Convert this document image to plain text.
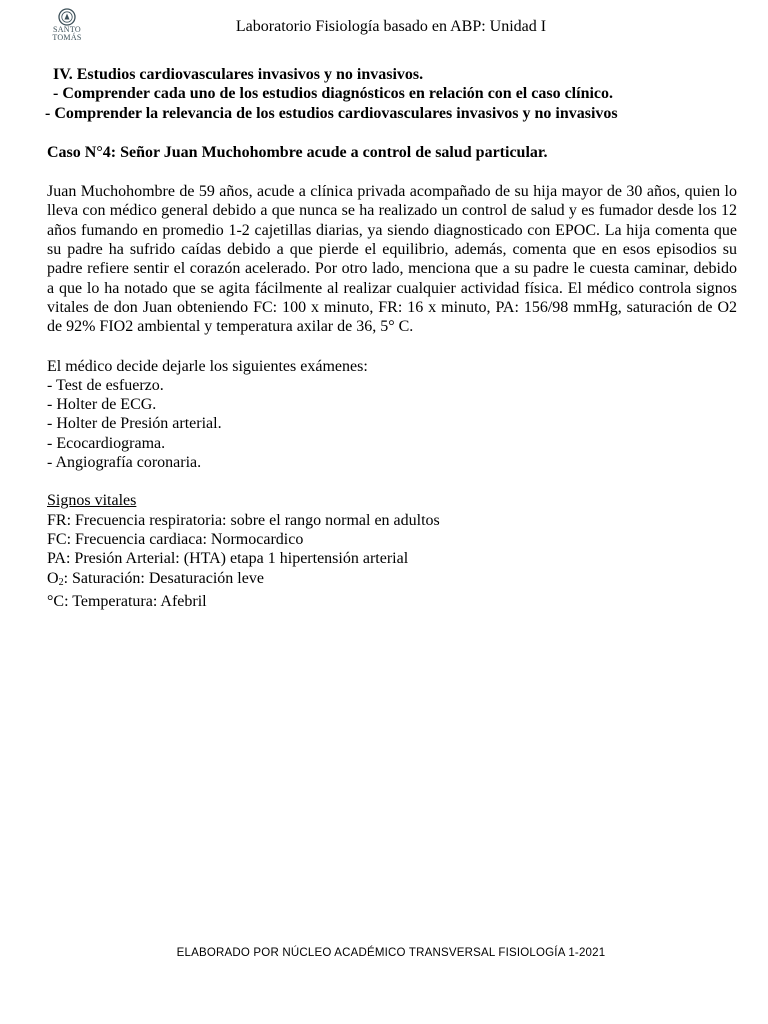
SANTO
TOMÁS
Laboratorio Fisiología basado en ABP: Unidad I
IV. Estudios cardiovasculares invasivos y no invasivos.
- Comprender cada uno de los estudios diagnósticos en relación con el caso clínico.
- Comprender la relevancia de los estudios cardiovasculares invasivos y no invasivos
Caso N°4: Señor Juan Muchohombre acude a control de salud particular.
Juan Muchohombre de 59 años, acude a clínica privada acompañado de su hija mayor de 30 años, quien lo lleva con médico general debido a que nunca se ha realizado un control de salud y es fumador desde los 12 años fumando en promedio 1-2 cajetillas diarias, ya siendo diagnosticado con EPOC. La hija comenta que su padre ha sufrido caídas debido a que pierde el equilibrio, además, comenta que en esos episodios su padre refiere sentir el corazón acelerado. Por otro lado, menciona que a su padre le cuesta caminar, debido a que lo ha notado que se agita fácilmente al realizar cualquier actividad física. El médico controla signos vitales de don Juan obteniendo FC: 100 x minuto, FR: 16 x minuto, PA: 156/98 mmHg, saturación de O2 de 92% FIO2 ambiental y temperatura axilar de 36, 5° C.
El médico decide dejarle los siguientes exámenes:
- Test de esfuerzo.
- Holter de ECG.
- Holter de Presión arterial.
- Ecocardiograma.
- Angiografía coronaria.
Signos vitales
FR: Frecuencia respiratoria: sobre el rango normal en adultos
FC: Frecuencia cardiaca: Normocardico
PA: Presión Arterial: (HTA) etapa 1 hipertensión arterial
$O_2$: Saturación: Desaturación leve
°C: Temperatura: Afebril
ELABORADO POR NÚCLEO ACADÉMICO TRANSVERSAL FISIOLOGÍA 1-2021
